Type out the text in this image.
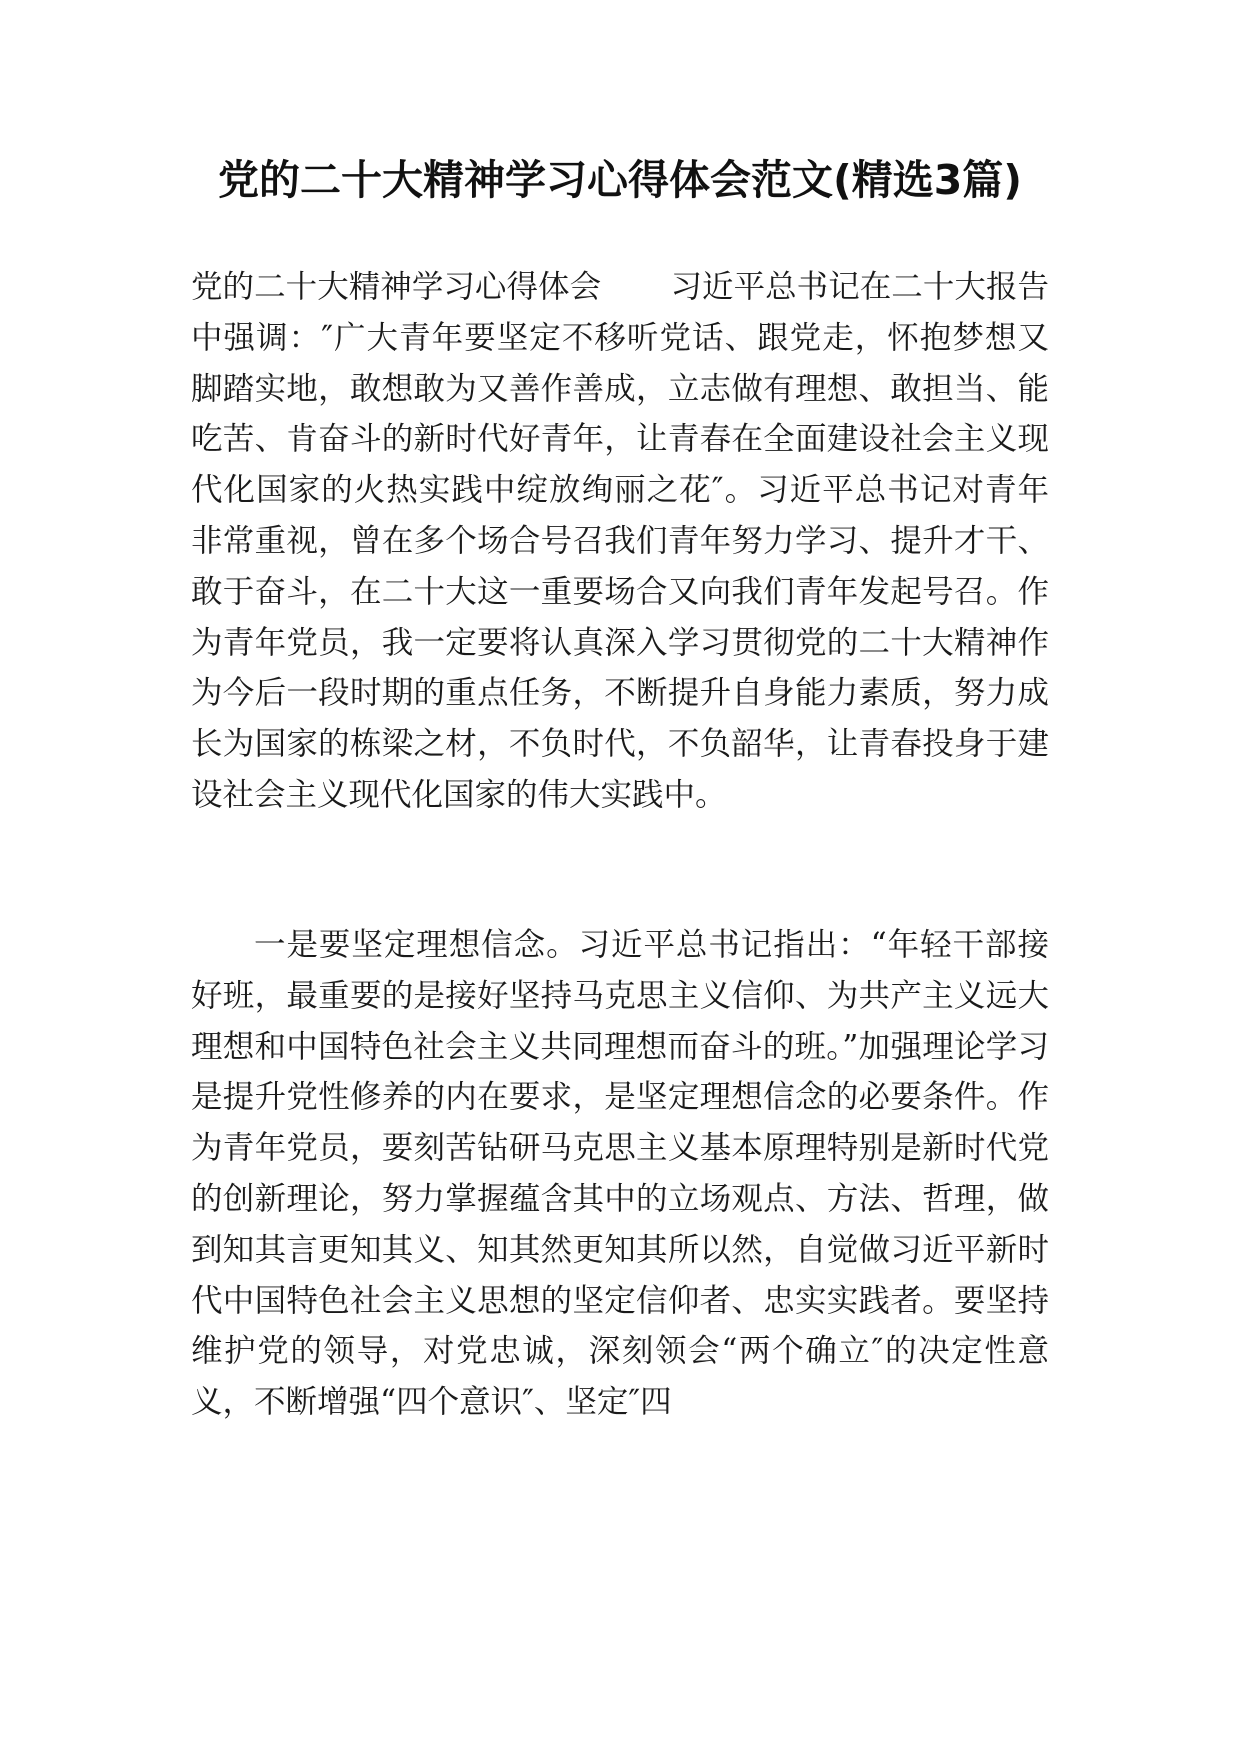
党的二十大精神学习心得体会范文(精选3篇)

党的二十大精神学习心得体会 习近平总书记在二十大报告中强调：″广大青年要坚定不移听党话、跟党走，怀抱梦想又脚踏实地，敢想敢为又善作善成，立志做有理想、敢担当、能吃苦、肯奋斗的新时代好青年，让青春在全面建设社会主义现代化国家的火热实践中绽放绚丽之花″。习近平总书记对青年非常重视，曾在多个场合号召我们青年努力学习、提升才干、敢于奋斗，在二十大这一重要场合又向我们青年发起号召。作为青年党员，我一定要将认真深入学习贯彻党的二十大精神作为今后一段时期的重点任务，不断提升自身能力素质，努力成长为国家的栋梁之材，不负时代，不负韶华，让青春投身于建设社会主义现代化国家的伟大实践中。

一是要坚定理想信念。习近平总书记指出：“年轻干部接好班，最重要的是接好坚持马克思主义信仰、为共产主义远大理想和中国特色社会主义共同理想而奋斗的班。”加强理论学习是提升党性修养的内在要求，是坚定理想信念的必要条件。作为青年党员，要刻苦钻研马克思主义基本原理特别是新时代党的创新理论，努力掌握蕴含其中的立场观点、方法、哲理，做到知其言更知其义、知其然更知其所以然，自觉做习近平新时代中国特色社会主义思想的坚定信仰者、忠实实践者。要坚持维护党的领导，对党忠诚，深刻领会“两个确立″的决定性意义，不断增强“四个意识″、坚定″四
